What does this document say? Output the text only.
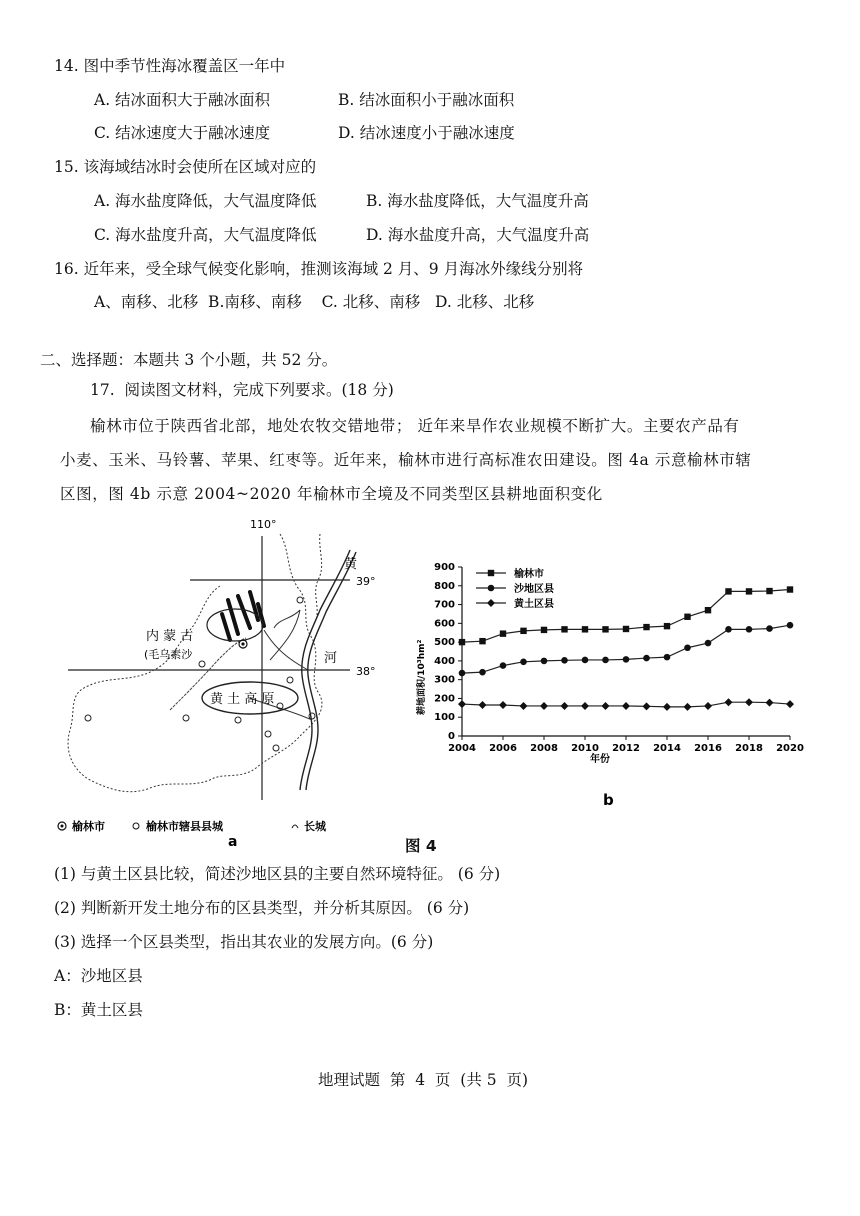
14. 图中季节性海冰覆盖区一年中
A. 结冰面积大于融冰面积	B. 结冰面积小于融冰面积
C. 结冰速度大于融冰速度	D. 结冰速度小于融冰速度
15. 该海域结冰时会使所在区域对应的
A. 海水盐度降低，大气温度降低	B. 海水盐度降低，大气温度升高
C. 海水盐度升高，大气温度降低	D. 海水盐度升高，大气温度升高
16. 近年来，受全球气候变化影响，推测该海域 2 月、9 月海冰外缘线分别将
A、南移、北移  B.南移、南移    C. 北移、南移   D. 北移、北移
二、选择题：本题共 3 个小题，共 52 分。
17.  阅读图文材料，完成下列要求。(18 分)
榆林市位于陕西省北部，地处农牧交错地带； 近年来旱作农业规模不断扩大。主要农产品有
小麦、玉米、马铃薯、苹果、红枣等。近年来，榆林市进行高标准农田建设。图 4a 示意榆林市辖
区图，图 4b 示意 2004~2020 年榆林市全境及不同类型区县耕地面积变化
110°
39°
38°
内 蒙 古
(毛乌素沙
黄
河
黄 土 高 原
榆林市	榆林市辖县县城	长城
a	图 4
0
100
200
300
400
500
600
700
800
900
2004 2006 2008 2010 2012 2014 2016 2018 2020
榆林市
沙地区县
黄土区县
耕地面积/10³hm²
年份
b
(1) 与黄土区县比较，简述沙地区县的主要自然环境特征。 (6 分)
(2) 判断新开发土地分布的区县类型，并分析其原因。 (6 分)
(3) 选择一个区县类型，指出其农业的发展方向。(6 分)
A：沙地区县
B：黄土区县
地理试题  第  4  页  (共 5  页)
